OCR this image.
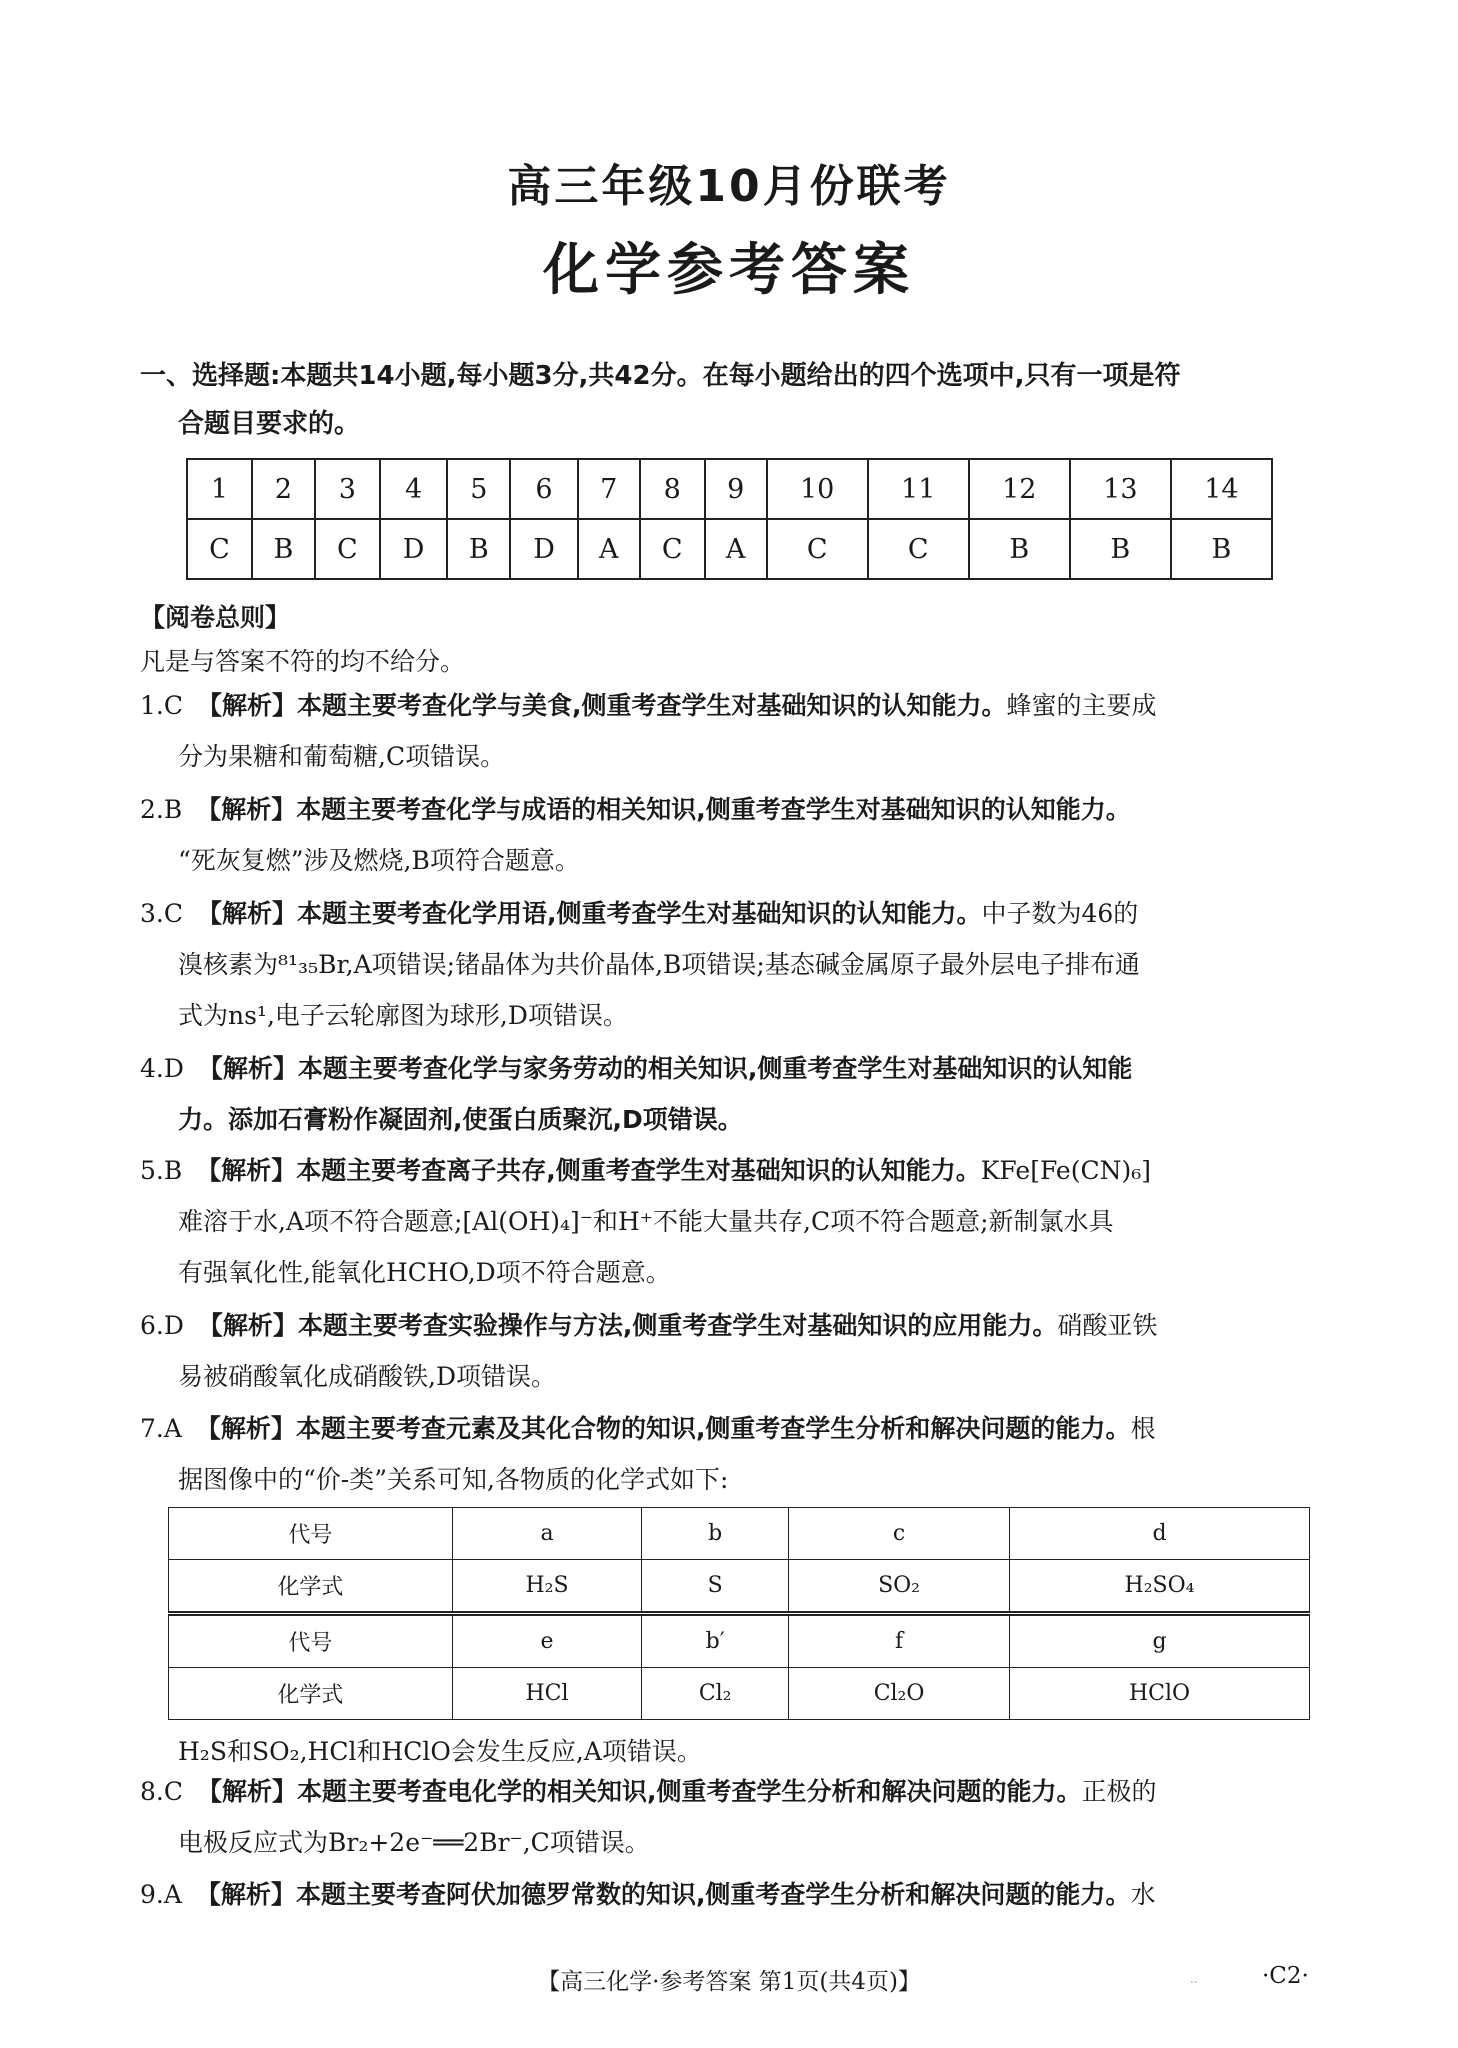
高三年级10月份联考
化学参考答案
一、选择题:本题共14小题,每小题3分,共42分。在每小题给出的四个选项中,只有一项是符
合题目要求的。
1	2	3	4	5	6	7	8	9	10	11	12	13	14
C	B	C	D	B	D	A	C	A	C	C	B	B	B
【阅卷总则】
凡是与答案不符的均不给分。
1.C 【解析】本题主要考查化学与美食,侧重考查学生对基础知识的认知能力。蜂蜜的主要成
分为果糖和葡萄糖,C项错误。
2.B 【解析】本题主要考查化学与成语的相关知识,侧重考查学生对基础知识的认知能力。
“死灰复燃”涉及燃烧,B项符合题意。
3.C 【解析】本题主要考查化学用语,侧重考查学生对基础知识的认知能力。中子数为46的
溴核素为⁸¹₃₅Br,A项错误;锗晶体为共价晶体,B项错误;基态碱金属原子最外层电子排布通
式为ns¹,电子云轮廓图为球形,D项错误。
4.D 【解析】本题主要考查化学与家务劳动的相关知识,侧重考查学生对基础知识的认知能
力。添加石膏粉作凝固剂,使蛋白质聚沉,D项错误。
5.B 【解析】本题主要考查离子共存,侧重考查学生对基础知识的认知能力。KFe[Fe(CN)₆]
难溶于水,A项不符合题意;[Al(OH)₄]⁻和H⁺不能大量共存,C项不符合题意;新制氯水具
有强氧化性,能氧化HCHO,D项不符合题意。
6.D 【解析】本题主要考查实验操作与方法,侧重考查学生对基础知识的应用能力。硝酸亚铁
易被硝酸氧化成硝酸铁,D项错误。
7.A 【解析】本题主要考查元素及其化合物的知识,侧重考查学生分析和解决问题的能力。根
据图像中的“价-类”关系可知,各物质的化学式如下:
代号	a	b	c	d
化学式	H₂S	S	SO₂	H₂SO₄
代号	e	b′	f	g
化学式	HCl	Cl₂	Cl₂O	HClO
H₂S和SO₂,HCl和HClO会发生反应,A项错误。
8.C 【解析】本题主要考查电化学的相关知识,侧重考查学生分析和解决问题的能力。正极的
电极反应式为Br₂+2e⁻══2Br⁻,C项错误。
9.A 【解析】本题主要考查阿伏加德罗常数的知识,侧重考查学生分析和解决问题的能力。水
【高三化学·参考答案 第1页(共4页)】	..	·C2·
